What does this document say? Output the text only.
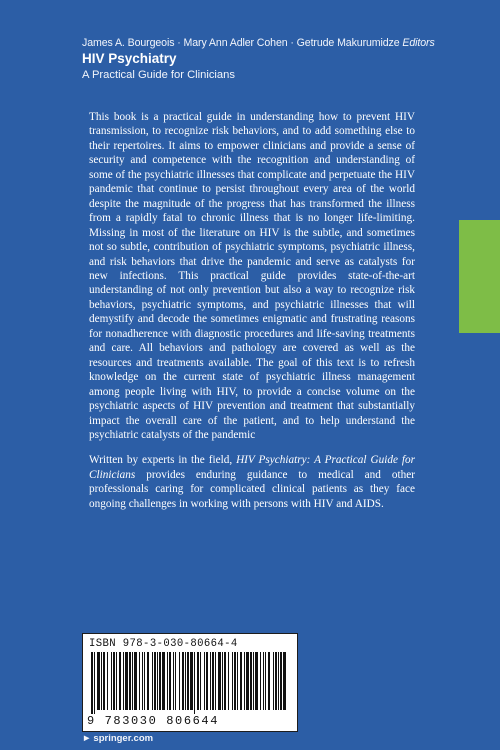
James A. Bourgeois · Mary Ann Adler Cohen · Getrude Makurumidze Editors
HIV Psychiatry
A Practical Guide for Clinicians

This book is a practical guide in understanding how to prevent HIV transmission, to recognize risk behaviors, and to add something else to their repertoires. It aims to empower clinicians and provide a sense of security and competence with the recognition and understanding of some of the psychiatric illnesses that complicate and perpetuate the HIV pandemic that continue to persist throughout every area of the world despite the magnitude of the progress that has transformed the illness from a rapidly fatal to chronic illness that is no longer life-limiting. Missing in most of the literature on HIV is the subtle, and sometimes not so subtle, contribution of psychiatric symptoms, psychiatric illness, and risk behaviors that drive the pandemic and serve as catalysts for new infections. This practical guide provides state-of-the-art understanding of not only prevention but also a way to recognize risk behaviors, psychiatric symptoms, and psychiatric illnesses that will demystify and decode the sometimes enigmatic and frustrating reasons for nonadherence with diagnostic procedures and life-saving treatments and care. All behaviors and pathology are covered as well as the resources and treatments available. The goal of this text is to refresh knowledge on the current state of psychiatric illness management among people living with HIV, to provide a concise volume on the psychiatric aspects of HIV prevention and treatment that substantially impact the overall care of the patient, and to help understand the psychiatric catalysts of the pandemic

Written by experts in the field, HIV Psychiatry: A Practical Guide for Clinicians provides enduring guidance to medical and other professionals caring for complicated clinical patients as they face ongoing challenges in working with persons with HIV and AIDS.

ISBN 978-3-030-80664-4
9 783030 806644
► springer.com
